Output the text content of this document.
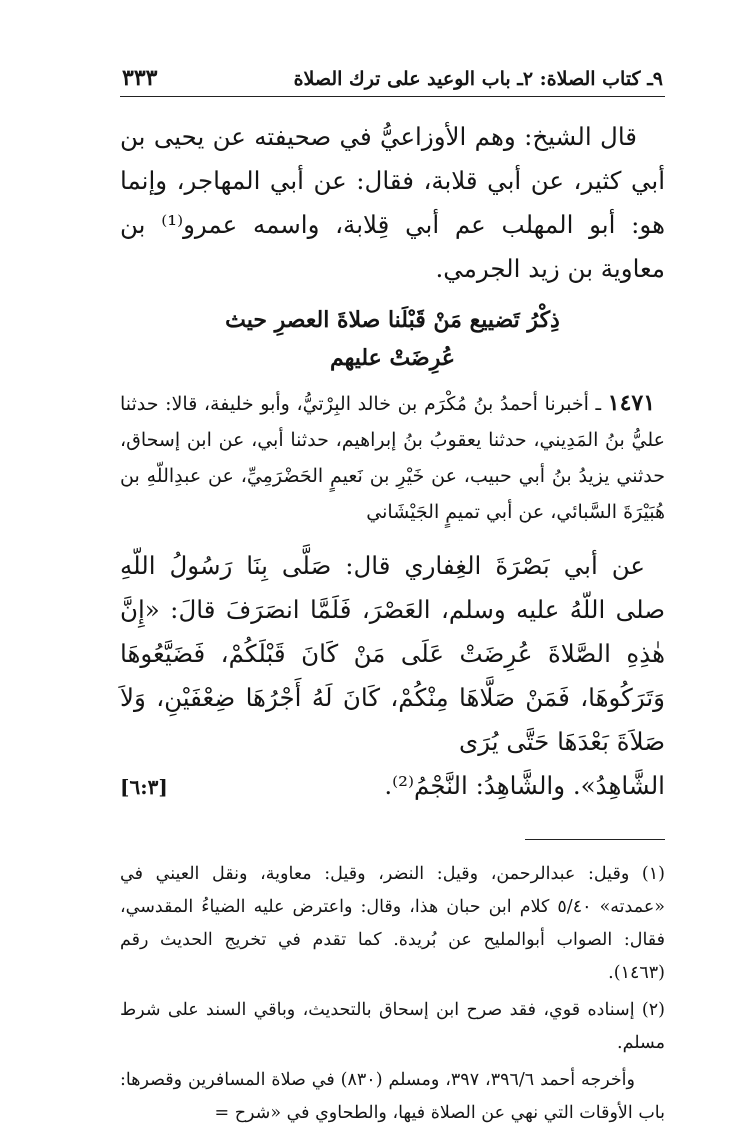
٩ـ كتاب الصلاة: ٢ـ باب الوعيد على ترك الصلاة
٣٣٣

قال الشيخ: وهم الأوزاعيُّ في صحيفته عن يحيى بن أبي كثير، عن أبي قلابة، فقال: عن أبي المهاجر، وإنما هو: أبو المهلب عم أبي قِلابة، واسمه عمرو⁽¹⁾ بن معاوية بن زيد الجرمي.

ذِكْرُ تَضييع مَنْ قَبْلَنا صلاةَ العصرِ حيث
عُرِضَتْ عليهم

١٤٧١ ـ أخبرنا أحمدُ بنُ مُكْرَم بن خالد البِرْتيُّ، وأبو خليفة، قالا: حدثنا عليُّ بنُ المَدِيني، حدثنا يعقوبُ بنُ إبراهيم، حدثنا أبي، عن ابن إسحاق، حدثني يزيدُ بنُ أبي حبيب، عن خَيْرِ بن نَعيمٍ الحَضْرَمِيِّ، عن عبدِاللّهِ بن هُبَيْرَةَ السَّبائي، عن أبي تميمٍ الجَيْشَاني

عن أبي بَصْرَةَ الغِفاري قال: صَلَّى بِنَا رَسُولُ اللّهِ صلى اللّهُ عليه وسلم، العَصْرَ، فَلَمَّا انصَرَفَ قالَ: «إِنَّ هٰذِهِ الصَّلاةَ عُرِضَتْ عَلَى مَنْ كَانَ قَبْلَكُمْ، فَضَيَّعُوهَا وَتَرَكُوهَا، فَمَنْ صَلَّاهَا مِنْكُمْ، كَانَ لَهُ أَجْرُهَا ضِعْفَيْنِ، وَلاَ صَلاَةَ بَعْدَهَا حَتَّى يُرَى

الشَّاهِدُ». والشَّاهِدُ: النَّجْمُ⁽²⁾.
[٦:٣]

(١) وقيل: عبدالرحمن، وقيل: النضر، وقيل: معاوية، ونقل العيني في «عمدته» ٥/٤٠ كلام ابن حبان هذا، وقال: واعترض عليه الضياءُ المقدسي، فقال: الصواب أبوالمليح عن بُريدة. كما تقدم في تخريج الحديث رقم (١٤٦٣).

(٢) إسناده قوي، فقد صرح ابن إسحاق بالتحديث، وباقي السند على شرط مسلم.

وأخرجه أحمد ٣٩٦/٦، ٣٩٧، ومسلم (٨٣٠) في صلاة المسافرين وقصرها: باب الأوقات التي نهي عن الصلاة فيها، والطحاوي في «شرح =
